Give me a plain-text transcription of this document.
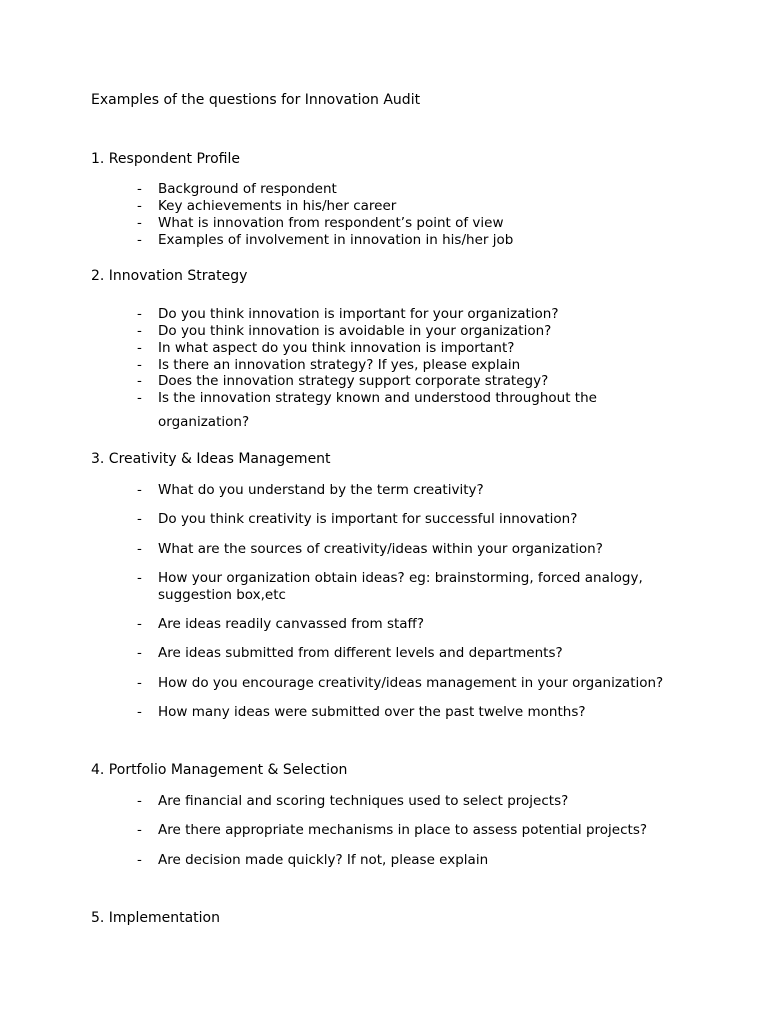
Examples of the questions for Innovation Audit
1. Respondent Profile
- Background of respondent
- Key achievements in his/her career
- What is innovation from respondent’s point of view
- Examples of involvement in innovation in his/her job
2. Innovation Strategy
- Do you think innovation is important for your organization?
- Do you think innovation is avoidable in your organization?
- In what aspect do you think innovation is important?
- Is there an innovation strategy? If yes, please explain
- Does the innovation strategy support corporate strategy?
- Is the innovation strategy known and understood throughout the
organization?
3. Creativity & Ideas Management
- What do you understand by the term creativity?
- Do you think creativity is important for successful innovation?
- What are the sources of creativity/ideas within your organization?
- How your organization obtain ideas? eg: brainstorming, forced analogy,
suggestion box,etc
- Are ideas readily canvassed from staff?
- Are ideas submitted from different levels and departments?
- How do you encourage creativity/ideas management in your organization?
- How many ideas were submitted over the past twelve months?
4. Portfolio Management & Selection
- Are financial and scoring techniques used to select projects?
- Are there appropriate mechanisms in place to assess potential projects?
- Are decision made quickly? If not, please explain
5. Implementation
